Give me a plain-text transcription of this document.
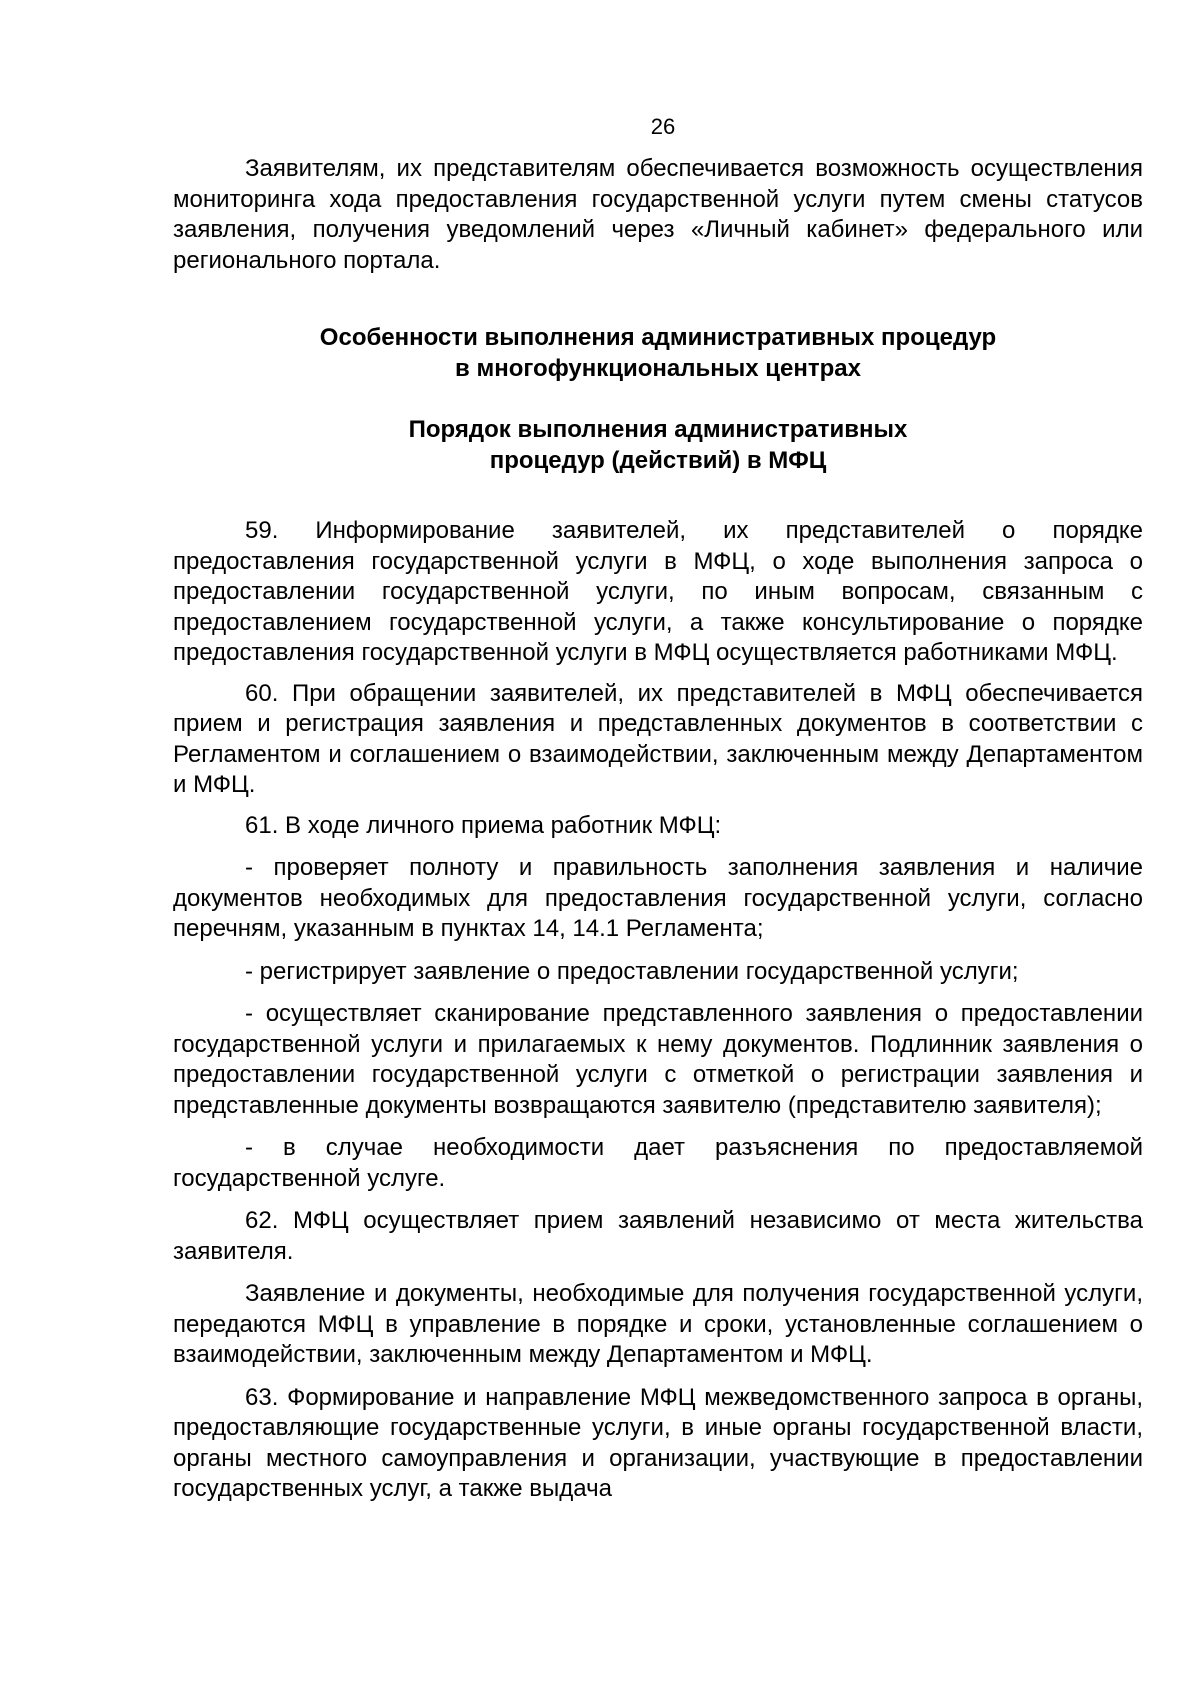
26

Заявителям, их представителям обеспечивается возможность осуществления мониторинга хода предоставления государственной услуги путем смены статусов заявления, получения уведомлений через «Личный кабинет» федерального или регионального портала.

Особенности выполнения административных процедур
в многофункциональных центрах
Порядок выполнения административных
процедур (действий) в МФЦ

59. Информирование заявителей, их представителей о порядке предоставления государственной услуги в МФЦ, о ходе выполнения запроса о предоставлении государственной услуги, по иным вопросам, связанным с предоставлением государственной услуги, а также консультирование о порядке предоставления государственной услуги в МФЦ осуществляется работниками МФЦ.

60. При обращении заявителей, их представителей в МФЦ обеспечивается прием и регистрация заявления и представленных документов в соответствии с Регламентом и соглашением о взаимодействии, заключенным между Департаментом и МФЦ.

61. В ходе личного приема работник МФЦ:

- проверяет полноту и правильность заполнения заявления и наличие документов необходимых для предоставления государственной услуги, согласно перечням, указанным в пунктах 14, 14.1 Регламента;

- регистрирует заявление о предоставлении государственной услуги;

- осуществляет сканирование представленного заявления о предоставлении государственной услуги и прилагаемых к нему документов. Подлинник заявления о предоставлении государственной услуги с отметкой о регистрации заявления и представленные документы возвращаются заявителю (представителю заявителя);

- в случае необходимости дает разъяснения по предоставляемой государственной услуге.

62. МФЦ осуществляет прием заявлений независимо от места жительства заявителя.

Заявление и документы, необходимые для получения государственной услуги, передаются МФЦ в управление в порядке и сроки, установленные соглашением о взаимодействии, заключенным между Департаментом и МФЦ.

63. Формирование и направление МФЦ межведомственного запроса в органы, предоставляющие государственные услуги, в иные органы государственной власти, органы местного самоуправления и организации, участвующие в предоставлении государственных услуг, а также выдача
